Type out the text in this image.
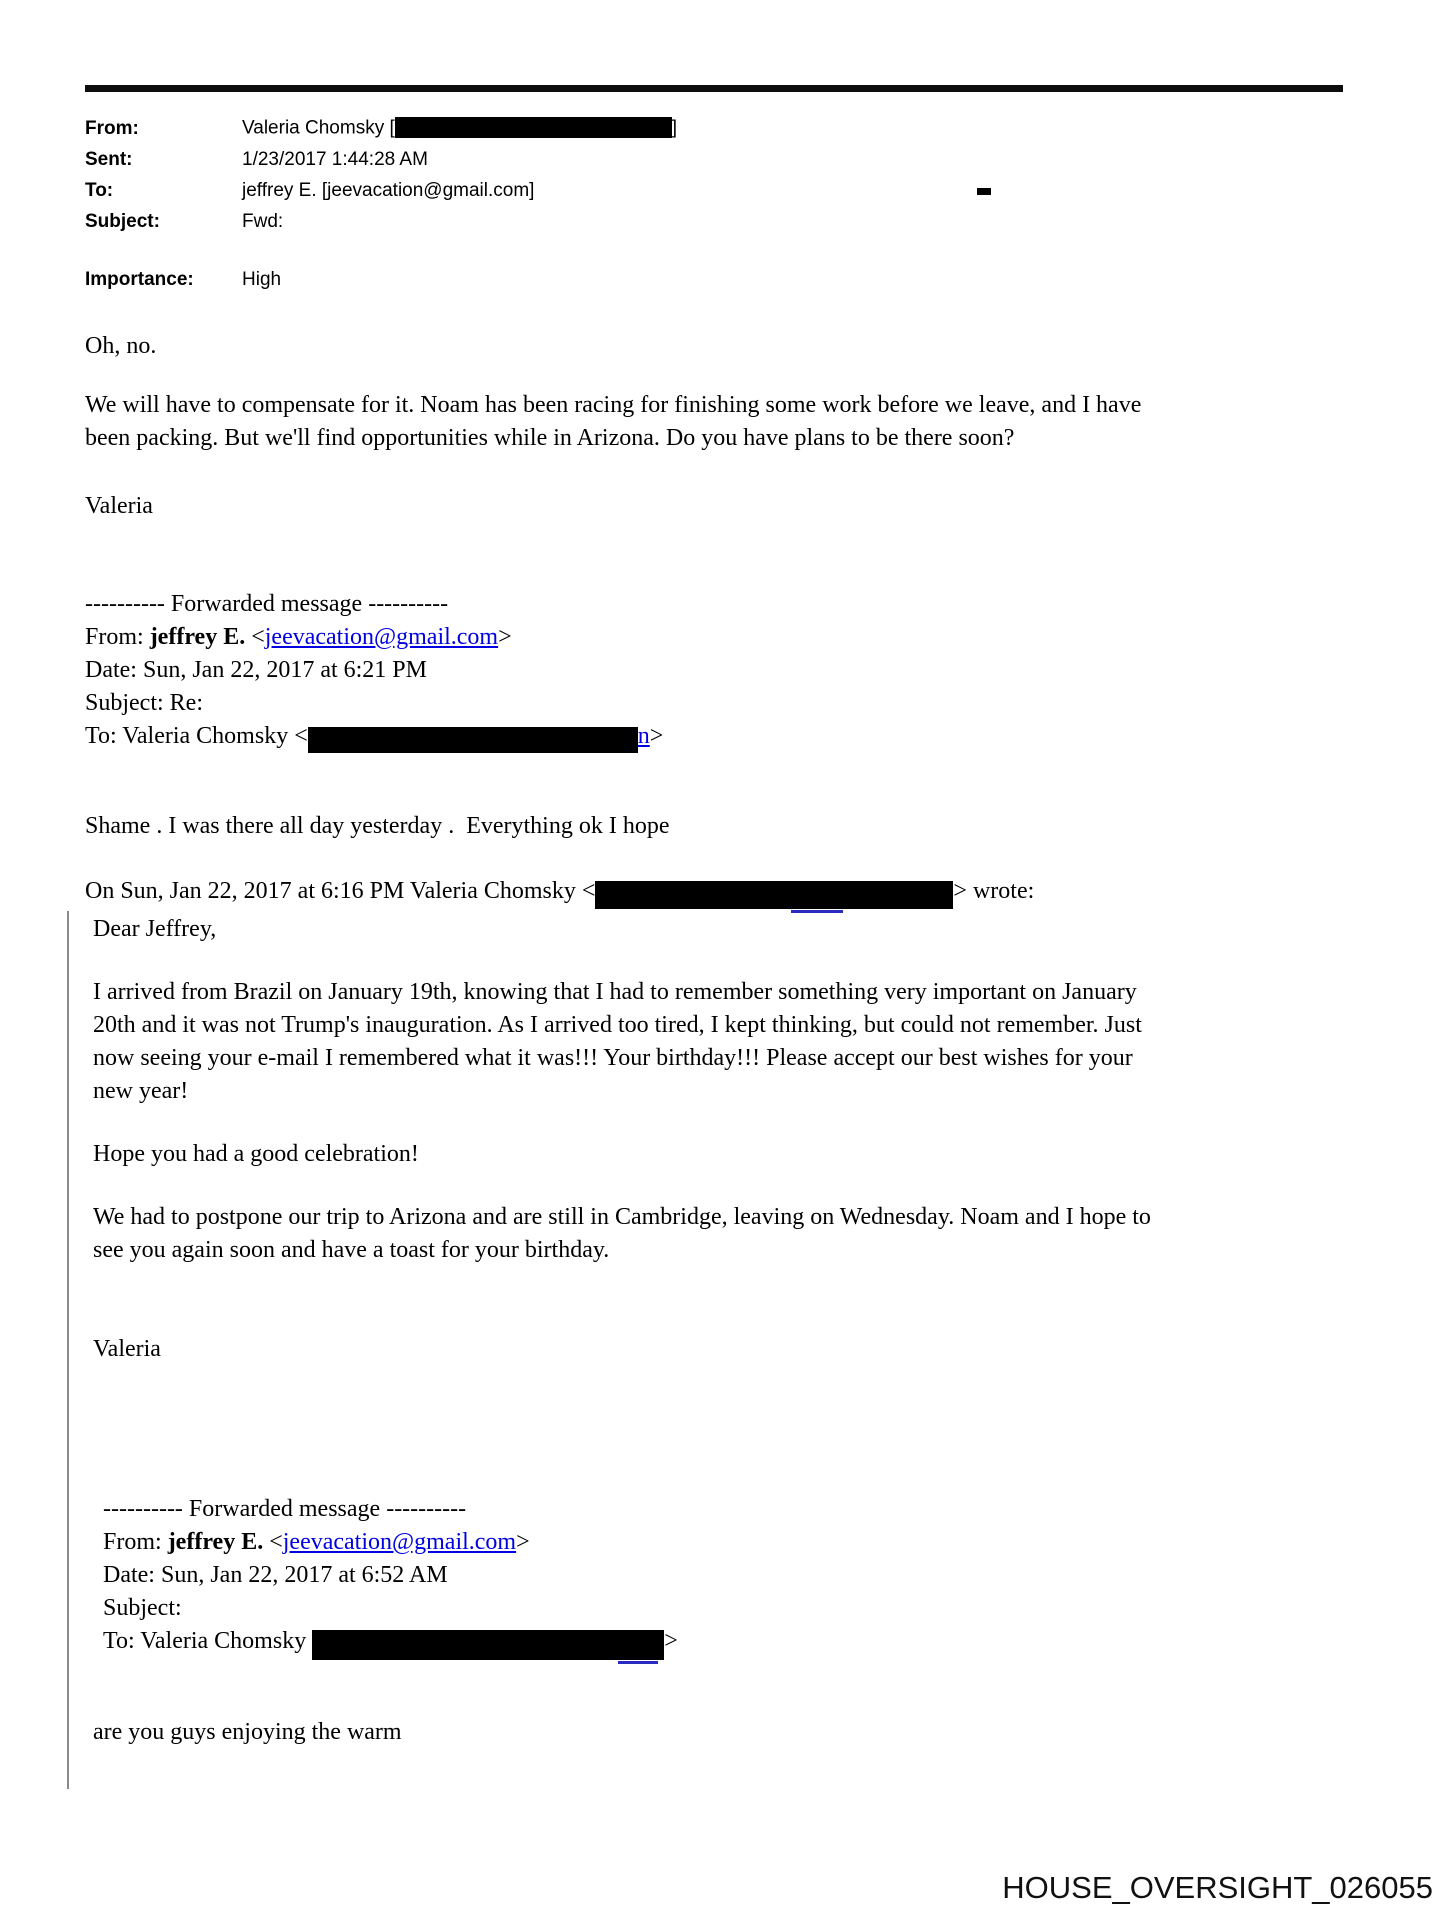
From:	Valeria Chomsky [	]
Sent:	1/23/2017 1:44:28 AM
To:	jeffrey E. [jeevacation@gmail.com]
Subject:	Fwd:
Importance:	High
Oh, no.
We will have to compensate for it. Noam has been racing for finishing some work before we leave, and I have
been packing. But we'll find opportunities while in Arizona. Do you have plans to be there soon?
Valeria
---------- Forwarded message ----------
From: jeffrey E. <jeevacation@gmail.com>
Date: Sun, Jan 22, 2017 at 6:21 PM
Subject: Re:
To: Valeria Chomsky <	n>
Shame . I was there all day yesterday .  Everything ok I hope
On Sun, Jan 22, 2017 at 6:16 PM Valeria Chomsky <	> wrote:
Dear Jeffrey,
I arrived from Brazil on January 19th, knowing that I had to remember something very important on January
20th and it was not Trump's inauguration. As I arrived too tired, I kept thinking, but could not remember. Just
now seeing your e-mail I remembered what it was!!! Your birthday!!! Please accept our best wishes for your
new year!
Hope you had a good celebration!
We had to postpone our trip to Arizona and are still in Cambridge, leaving on Wednesday. Noam and I hope to
see you again soon and have a toast for your birthday.
Valeria
---------- Forwarded message ----------
From: jeffrey E. <jeevacation@gmail.com>
Date: Sun, Jan 22, 2017 at 6:52 AM
Subject:
To: Valeria Chomsky	>
are you guys enjoying the warm
HOUSE_OVERSIGHT_026055
